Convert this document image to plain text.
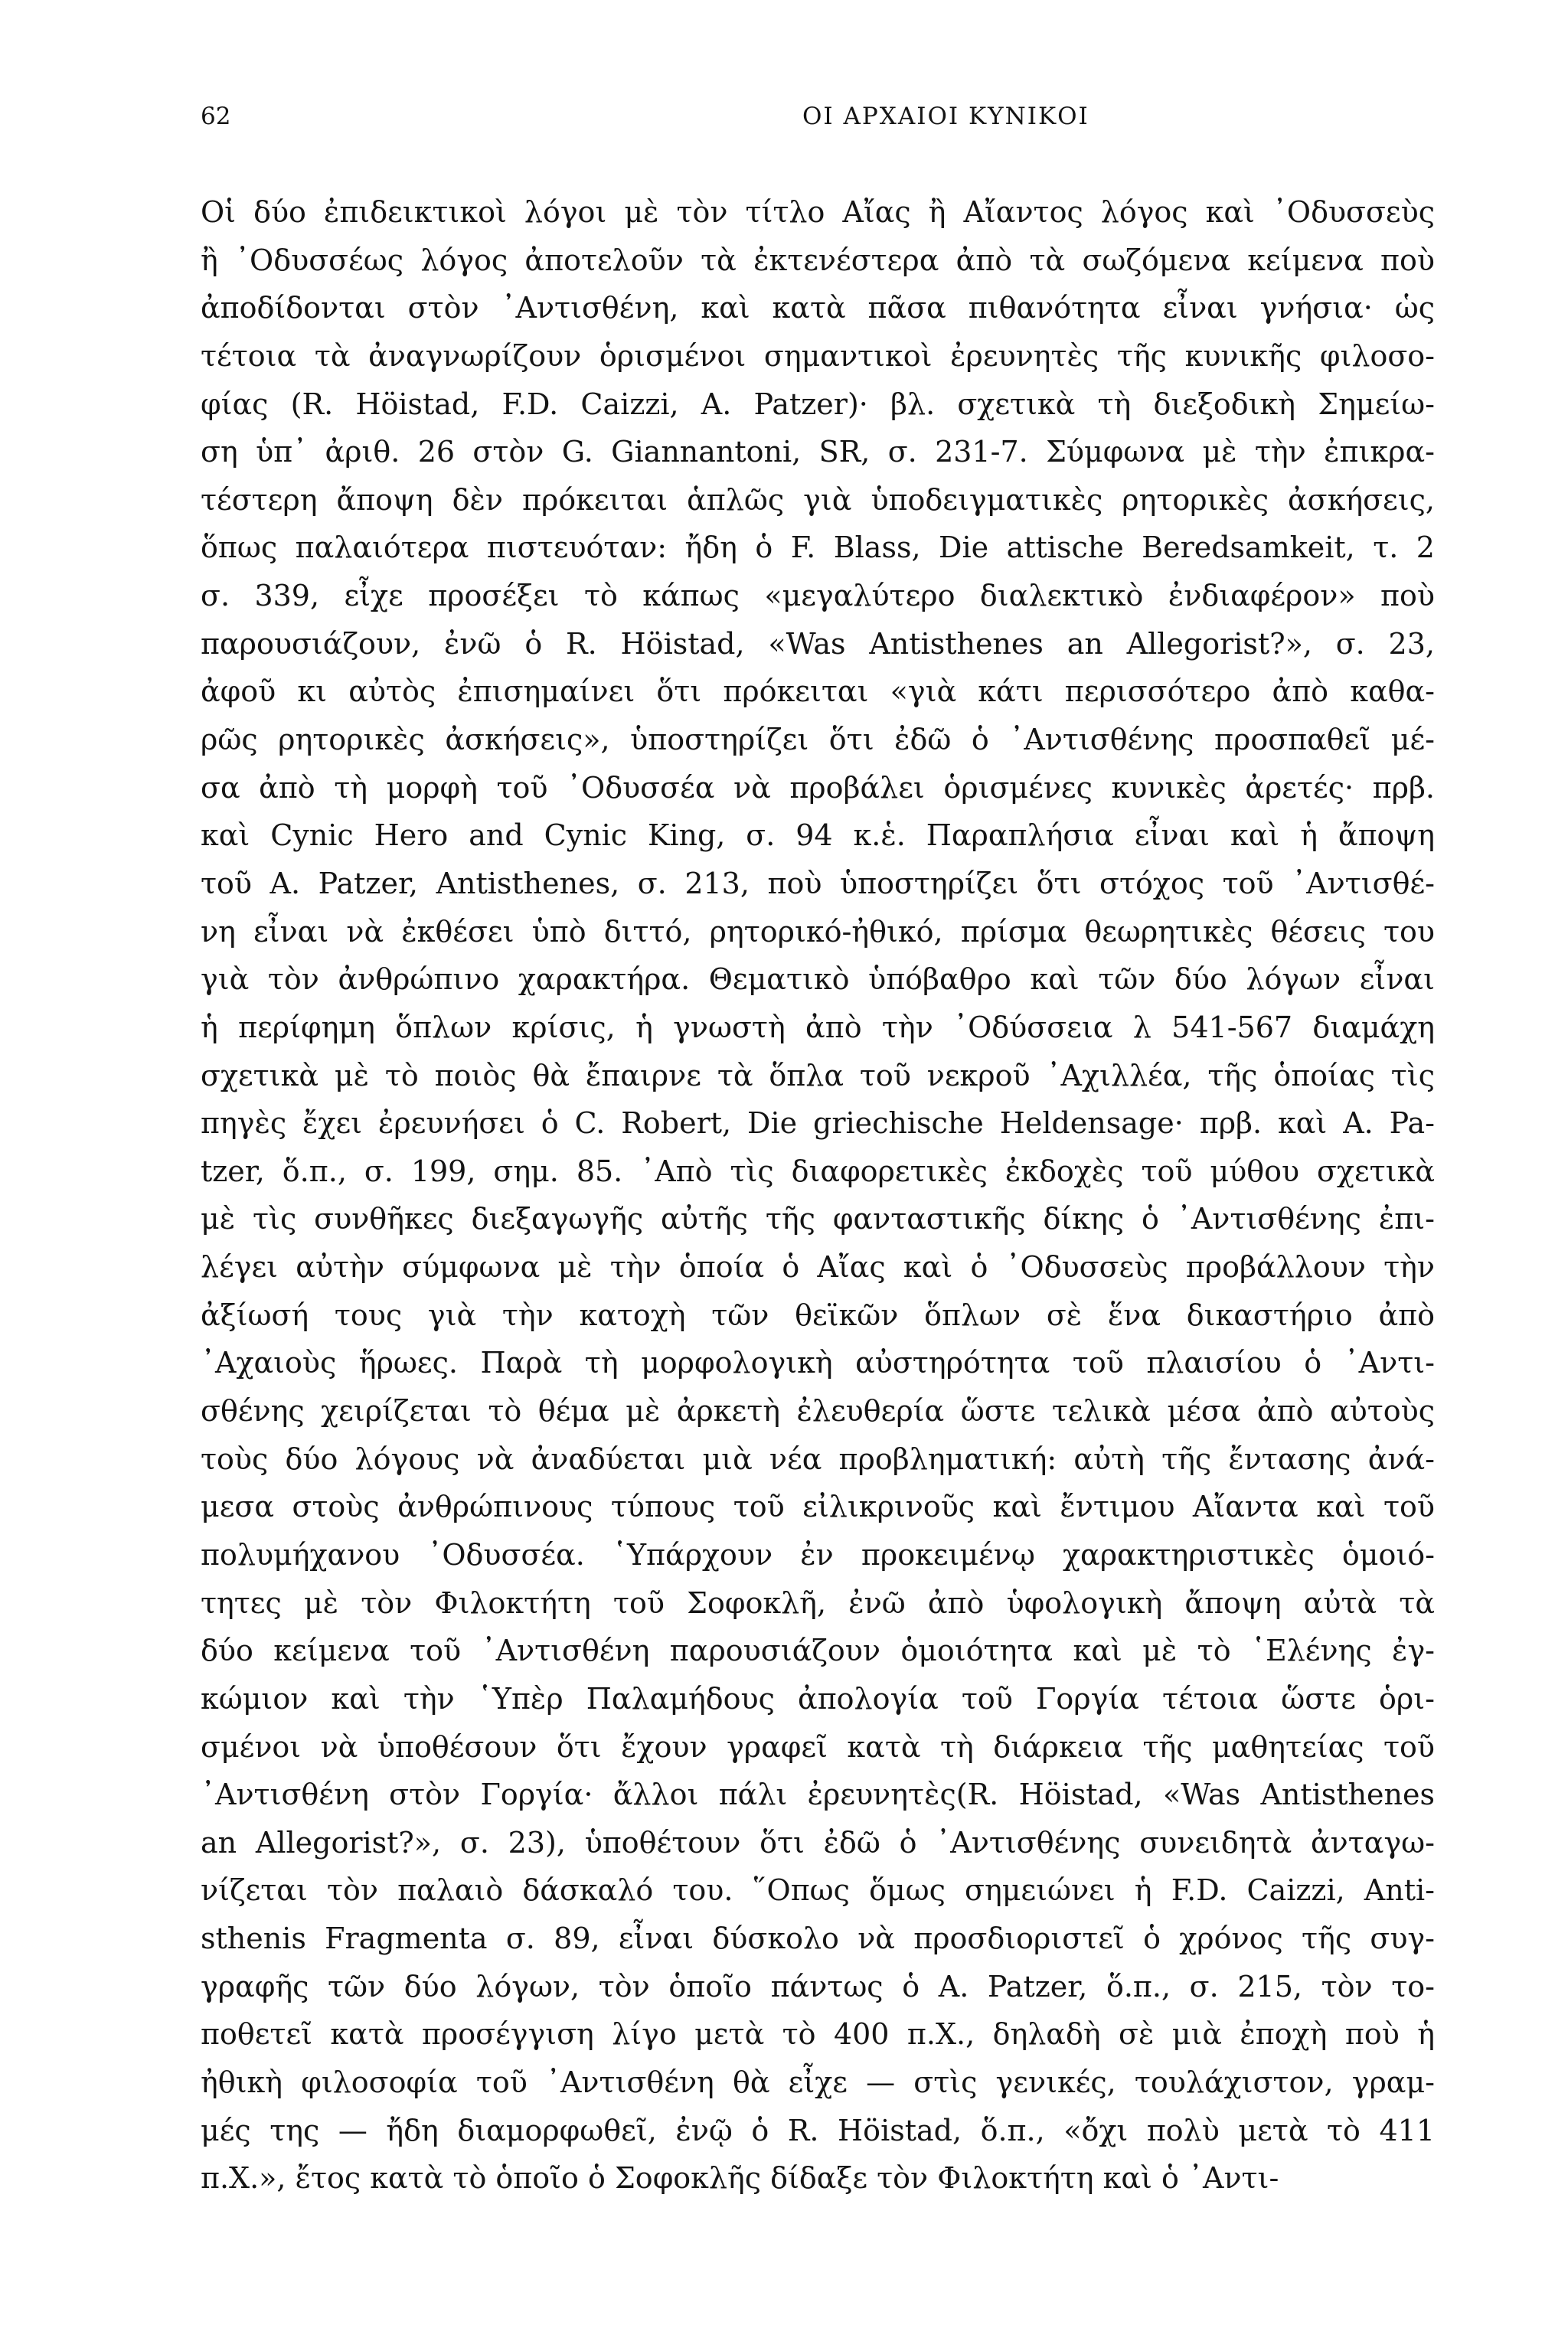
62	ΟΙ ΑΡΧΑΙΟΙ ΚΥΝΙΚΟΙ
Οἱ δύο ἐπιδεικτικοὶ λόγοι μὲ τὸν τίτλο Αἴας ἢ Αἴαντος λόγος καὶ ᾿Οδυσσεὺς
ἢ ᾿Οδυσσέως λόγος ἀποτελοῦν τὰ ἐκτενέστερα ἀπὸ τὰ σωζόμενα κείμενα ποὺ
ἀποδίδονται στὸν ᾿Αντισθένη, καὶ κατὰ πᾶσα πιθανότητα εἶναι γνήσια· ὡς
τέτοια τὰ ἀναγνωρίζουν ὁρισμένοι σημαντικοὶ ἐρευνητὲς τῆς κυνικῆς φιλοσο-
φίας (R. Höistad, F.D. Caizzi, A. Patzer)· βλ. σχετικὰ τὴ διεξοδικὴ Σημείω-
ση ὑπ᾿ ἀριθ. 26 στὸν G. Giannantoni, SR, σ. 231-7. Σύμφωνα μὲ τὴν ἐπικρα-
τέστερη ἄποψη δὲν πρόκειται ἁπλῶς γιὰ ὑποδειγματικὲς ρητορικὲς ἀσκήσεις,
ὅπως παλαιότερα πιστευόταν: ἤδη ὁ F. Blass, Die attische Beredsamkeit, τ. 2
σ. 339, εἶχε προσέξει τὸ κάπως «μεγαλύτερο διαλεκτικὸ ἐνδιαφέρον» ποὺ
παρουσιάζουν, ἐνῶ ὁ R. Höistad, «Was Antisthenes an Allegorist?», σ. 23,
ἀφοῦ κι αὐτὸς ἐπισημαίνει ὅτι πρόκειται «γιὰ κάτι περισσότερο ἀπὸ καθα-
ρῶς ρητορικὲς ἀσκήσεις», ὑποστηρίζει ὅτι ἐδῶ ὁ ᾿Αντισθένης προσπαθεῖ μέ-
σα ἀπὸ τὴ μορφὴ τοῦ ᾿Οδυσσέα νὰ προβάλει ὁρισμένες κυνικὲς ἀρετές· πρβ.
καὶ Cynic Hero and Cynic King, σ. 94 κ.ἑ. Παραπλήσια εἶναι καὶ ἡ ἄποψη
τοῦ A. Patzer, Antisthenes, σ. 213, ποὺ ὑποστηρίζει ὅτι στόχος τοῦ ᾿Αντισθέ-
νη εἶναι νὰ ἐκθέσει ὑπὸ διττό, ρητορικό-ἠθικό, πρίσμα θεωρητικὲς θέσεις του
γιὰ τὸν ἀνθρώπινο χαρακτήρα. Θεματικὸ ὑπόβαθρο καὶ τῶν δύο λόγων εἶναι
ἡ περίφημη ὅπλων κρίσις, ἡ γνωστὴ ἀπὸ τὴν ᾿Οδύσσεια λ 541-567 διαμάχη
σχετικὰ μὲ τὸ ποιὸς θὰ ἔπαιρνε τὰ ὅπλα τοῦ νεκροῦ ᾿Αχιλλέα, τῆς ὁποίας τὶς
πηγὲς ἔχει ἐρευνήσει ὁ C. Robert, Die griechische Heldensage· πρβ. καὶ A. Pa-
tzer, ὅ.π., σ. 199, σημ. 85. ᾿Απὸ τὶς διαφορετικὲς ἐκδοχὲς τοῦ μύθου σχετικὰ
μὲ τὶς συνθῆκες διεξαγωγῆς αὐτῆς τῆς φανταστικῆς δίκης ὁ ᾿Αντισθένης ἐπι-
λέγει αὐτὴν σύμφωνα μὲ τὴν ὁποία ὁ Αἴας καὶ ὁ ᾿Οδυσσεὺς προβάλλουν τὴν
ἀξίωσή τους γιὰ τὴν κατοχὴ τῶν θεϊκῶν ὅπλων σὲ ἕνα δικαστήριο ἀπὸ
᾿Αχαιοὺς ἥρωες. Παρὰ τὴ μορφολογικὴ αὐστηρότητα τοῦ πλαισίου ὁ ᾿Αντι-
σθένης χειρίζεται τὸ θέμα μὲ ἀρκετὴ ἐλευθερία ὥστε τελικὰ μέσα ἀπὸ αὐτοὺς
τοὺς δύο λόγους νὰ ἀναδύεται μιὰ νέα προβληματική: αὐτὴ τῆς ἔντασης ἀνά-
μεσα στοὺς ἀνθρώπινους τύπους τοῦ εἰλικρινοῦς καὶ ἔντιμου Αἴαντα καὶ τοῦ
πολυμήχανου ᾿Οδυσσέα. ῾Υπάρχουν ἐν προκειμένῳ χαρακτηριστικὲς ὁμοιό-
τητες μὲ τὸν Φιλοκτήτη τοῦ Σοφοκλῆ, ἐνῶ ἀπὸ ὑφολογικὴ ἄποψη αὐτὰ τὰ
δύο κείμενα τοῦ ᾿Αντισθένη παρουσιάζουν ὁμοιότητα καὶ μὲ τὸ ῾Ελένης ἐγ-
κώμιον καὶ τὴν ῾Υπὲρ Παλαμήδους ἀπολογία τοῦ Γοργία τέτοια ὥστε ὁρι-
σμένοι νὰ ὑποθέσουν ὅτι ἔχουν γραφεῖ κατὰ τὴ διάρκεια τῆς μαθητείας τοῦ
᾿Αντισθένη στὸν Γοργία· ἄλλοι πάλι ἐρευνητὲς(R. Höistad, «Was Antisthenes
an Allegorist?», σ. 23), ὑποθέτουν ὅτι ἐδῶ ὁ ᾿Αντισθένης συνειδητὰ ἀνταγω-
νίζεται τὸν παλαιὸ δάσκαλό του. ῞Οπως ὅμως σημειώνει ἡ F.D. Caizzi, Anti-
sthenis Fragmenta σ. 89, εἶναι δύσκολο νὰ προσδιοριστεῖ ὁ χρόνος τῆς συγ-
γραφῆς τῶν δύο λόγων, τὸν ὁποῖο πάντως ὁ A. Patzer, ὅ.π., σ. 215, τὸν το-
ποθετεῖ κατὰ προσέγγιση λίγο μετὰ τὸ 400 π.Χ., δηλαδὴ σὲ μιὰ ἐποχὴ ποὺ ἡ
ἠθικὴ φιλοσοφία τοῦ ᾿Αντισθένη θὰ εἶχε — στὶς γενικές, τουλάχιστον, γραμ-
μές της — ἤδη διαμορφωθεῖ, ἐνῷ ὁ R. Höistad, ὅ.π., «ὄχι πολὺ μετὰ τὸ 411
π.Χ.», ἔτος κατὰ τὸ ὁποῖο ὁ Σοφοκλῆς δίδαξε τὸν Φιλοκτήτη καὶ ὁ ᾿Αντι-
